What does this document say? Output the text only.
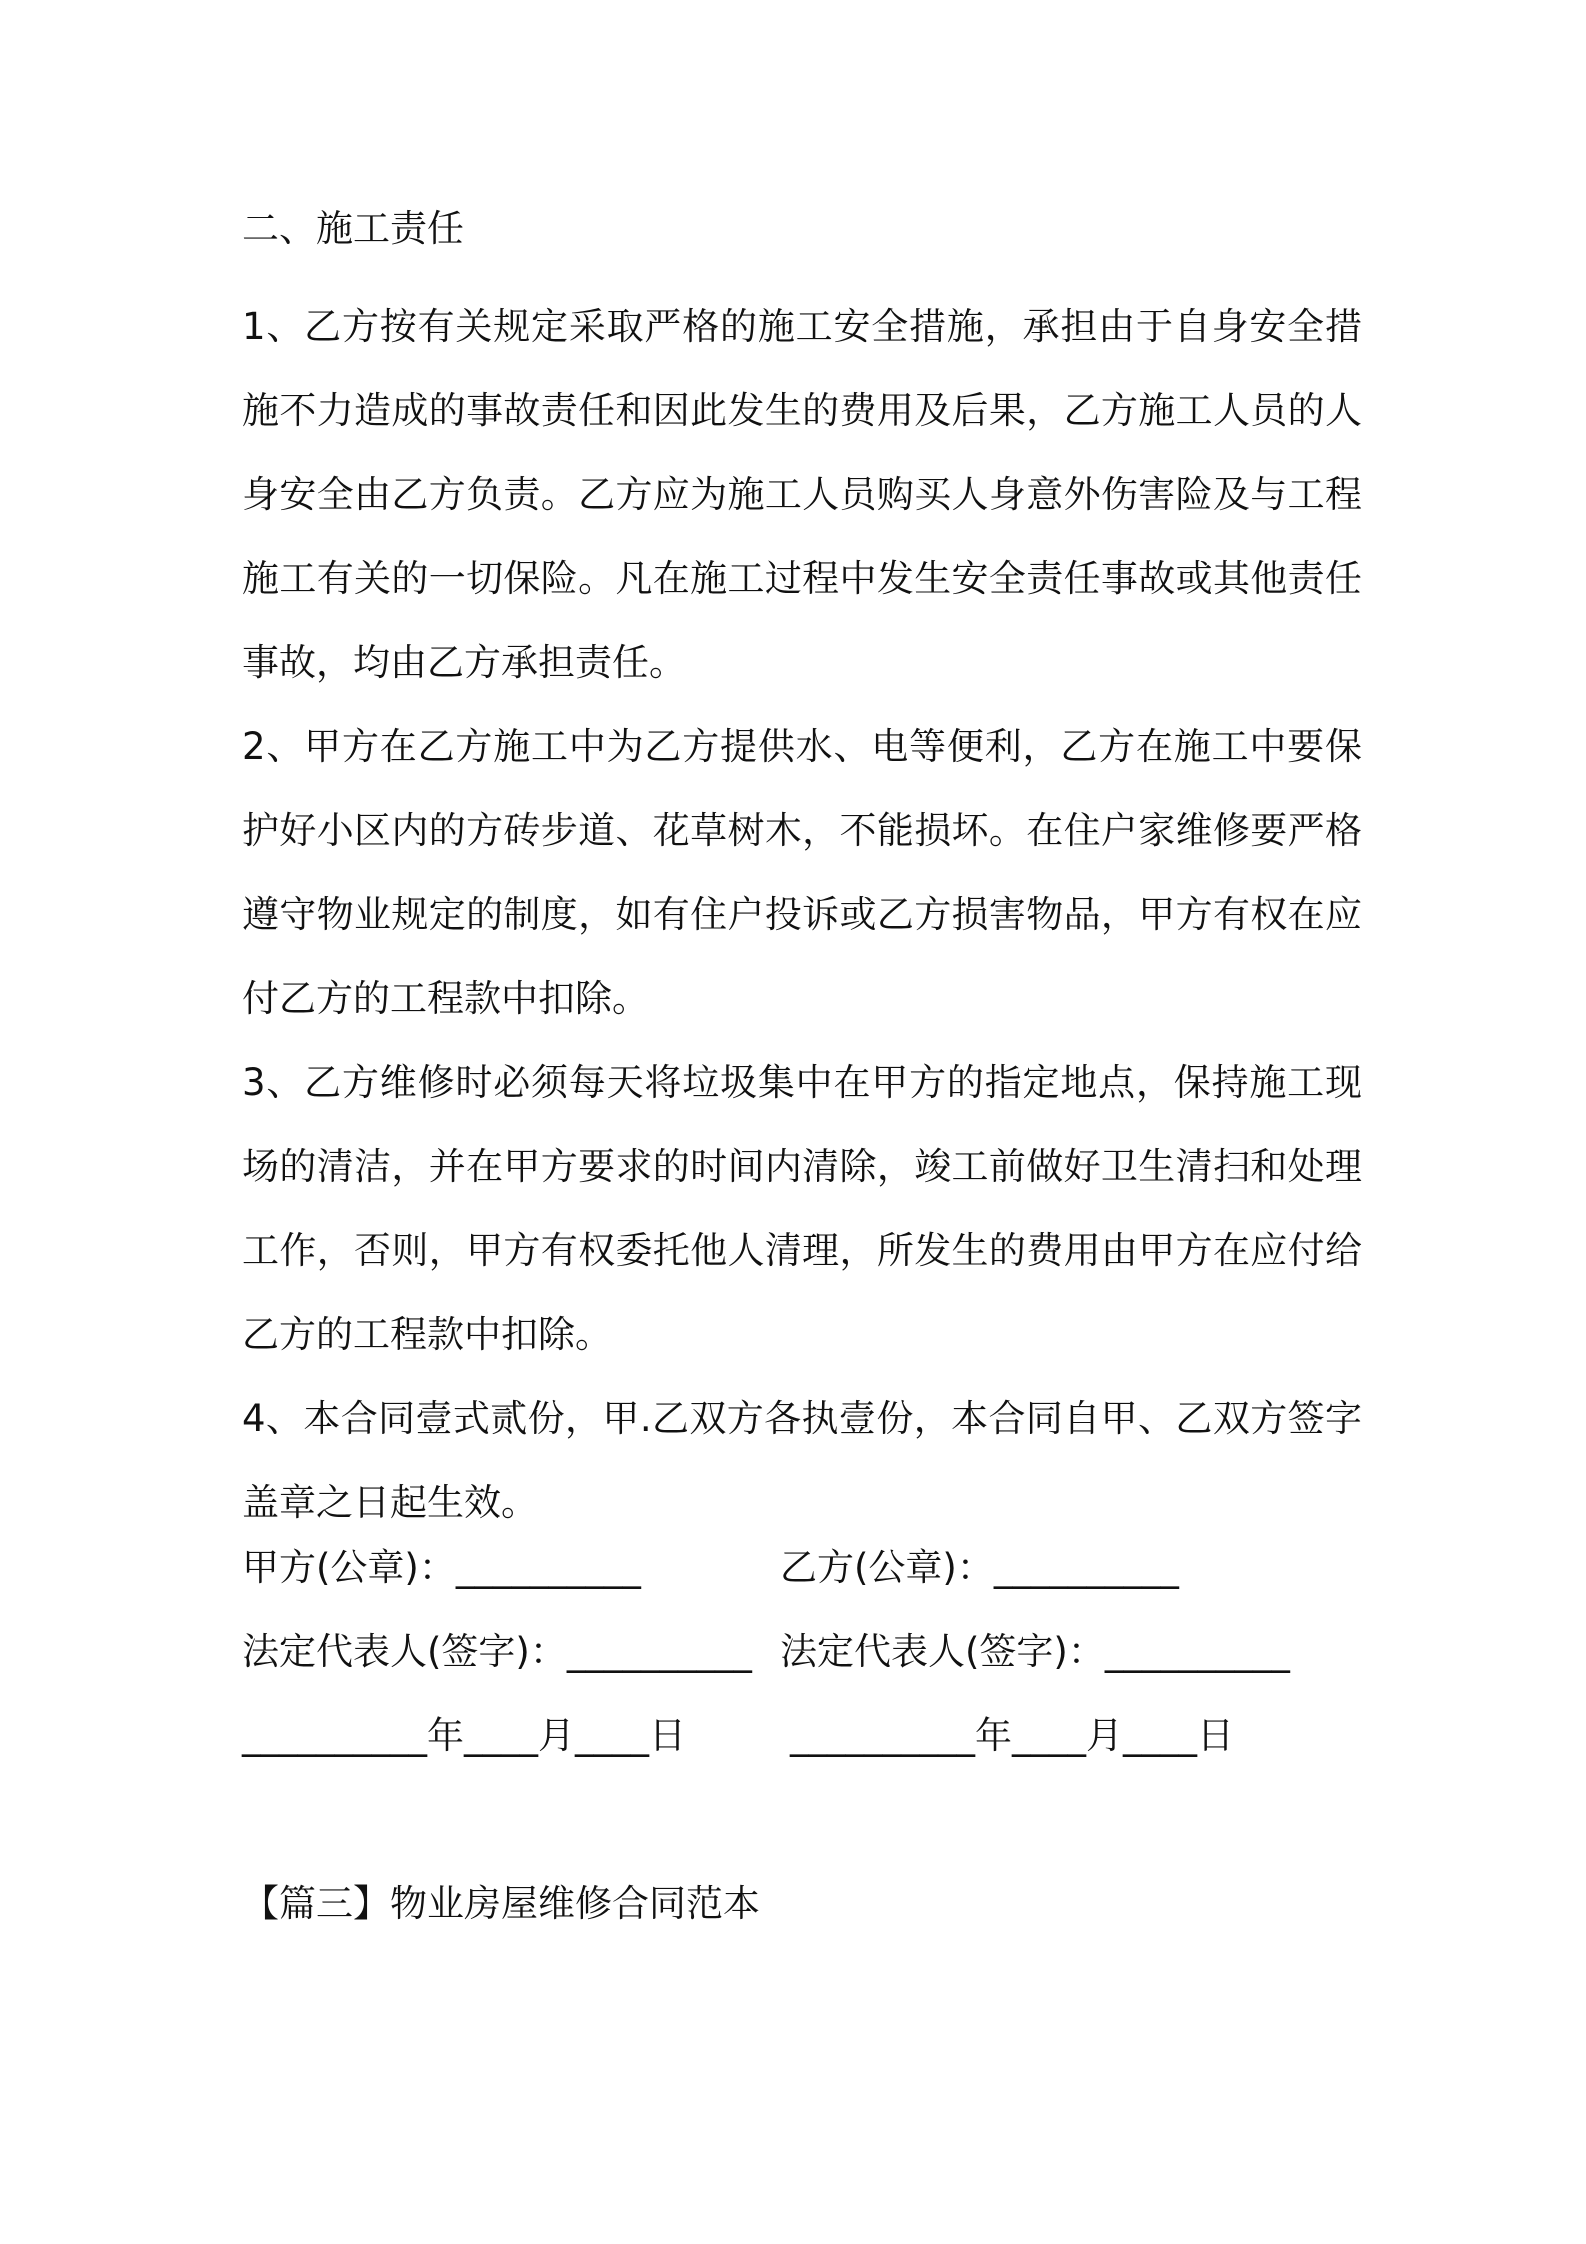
二、施工责任

1、乙方按有关规定采取严格的施工安全措施，承担由于自身安全措施不力造成的事故责任和因此发生的费用及后果，乙方施工人员的人身安全由乙方负责。乙方应为施工人员购买人身意外伤害险及与工程施工有关的一切保险。凡在施工过程中发生安全责任事故或其他责任事故，均由乙方承担责任。

2、甲方在乙方施工中为乙方提供水、电等便利，乙方在施工中要保护好小区内的方砖步道、花草树木，不能损坏。在住户家维修要严格遵守物业规定的制度，如有住户投诉或乙方损害物品，甲方有权在应付乙方的工程款中扣除。

3、乙方维修时必须每天将垃圾集中在甲方的指定地点，保持施工现场的清洁，并在甲方要求的时间内清除，竣工前做好卫生清扫和处理工作，否则，甲方有权委托他人清理，所发生的费用由甲方在应付给乙方的工程款中扣除。

4、本合同壹式贰份，甲.乙双方各执壹份，本合同自甲、乙双方签字盖章之日起生效。

甲方(公章)：__________	乙方(公章)：__________
法定代表人(签字)：__________ 法定代表人(签字)：__________
__________年____月____日	__________年____月____日
【篇三】物业房屋维修合同范本
